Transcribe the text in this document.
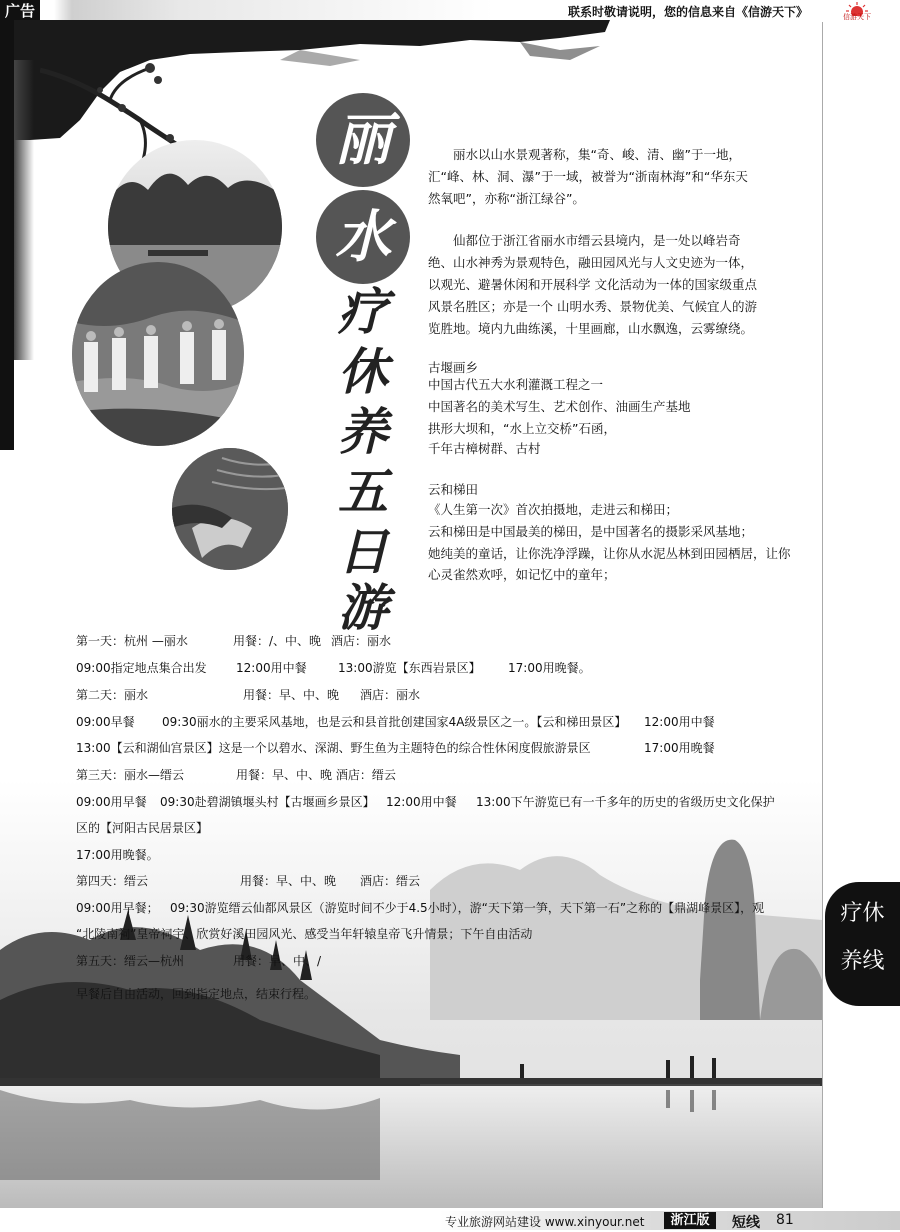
广告	联系时敬请说明，您的信息来自《信游天下》	信游天下
丽
水
疗
休
养
五
日
游
丽水以山水景观著称，集“奇、峻、清、幽”于一地，汇“峰、林、洞、瀑”于一域，被誉为“浙南林海”和“华东天然氧吧”，亦称“浙江绿谷”。
仙都位于浙江省丽水市缙云县境内，是一处以峰岩奇绝、山水神秀为景观特色，融田园风光与人文史迹为一体，以观光、避暑休闲和开展科学 文化活动为一体的国家级重点风景名胜区；亦是一个 山明水秀、景物优美、气候宜人的游览胜地。境内九曲练溪，十里画廊，山水飘逸，云雾缭绕。
古堰画乡
中国古代五大水利灌溉工程之一
中国著名的美术写生、艺术创作、油画生产基地
拱形大坝和，“水上立交桥”石函，
千年古樟树群、古村
云和梯田
《人生第一次》首次拍摄地，走进云和梯田；
云和梯田是中国最美的梯田，是中国著名的摄影采风基地；
她纯美的童话，让你洗净浮躁，让你从水泥丛林到田园栖居，让你
心灵雀然欢呼，如记忆中的童年；
第一天：杭州 —丽水	用餐：/、中、晚 酒店：丽水
09:00指定地点集合出发 12:00用中餐	13:00游览【东西岩景区】 17:00用晚餐。
第二天：丽水	用餐：早、中、晚 酒店：丽水
09:00早餐 09:30丽水的主要采风基地，也是云和县首批创建国家4A级景区之一。【云和梯田景区】 12:00用中餐
13:00【云和湖仙宫景区】这是一个以碧水、深湖、野生鱼为主题特色的综合性休闲度假旅游景区	17:00用晚餐
第三天：丽水—缙云	用餐：早、中、晚 酒店：缙云
09:00用早餐 09:30赴碧湖镇堰头村【古堰画乡景区】 12:00用中餐 13:00下午游览已有一千多年的历史的省级历史文化保护
区的【河阳古民居景区】
17:00用晚餐。
第四天：缙云	用餐：早、中、晚 酒店：缙云
09:00用早餐； 09:30游览缙云仙都风景区（游览时间不少于4.5小时），游“天下第一笋，天下第一石”之称的【鼎湖峰景区】，观
“北陵南祠”皇帝祠宇、欣赏好溪田园风光、感受当年轩辕皇帝飞升情景；下午自由活动
第五天：缙云—杭州	用餐：早、中、/
早餐后自由活动，回到指定地点，结束行程。
疗休
养线
专业旅游网站建设 www.xinyour.net	浙江版	短线 81
